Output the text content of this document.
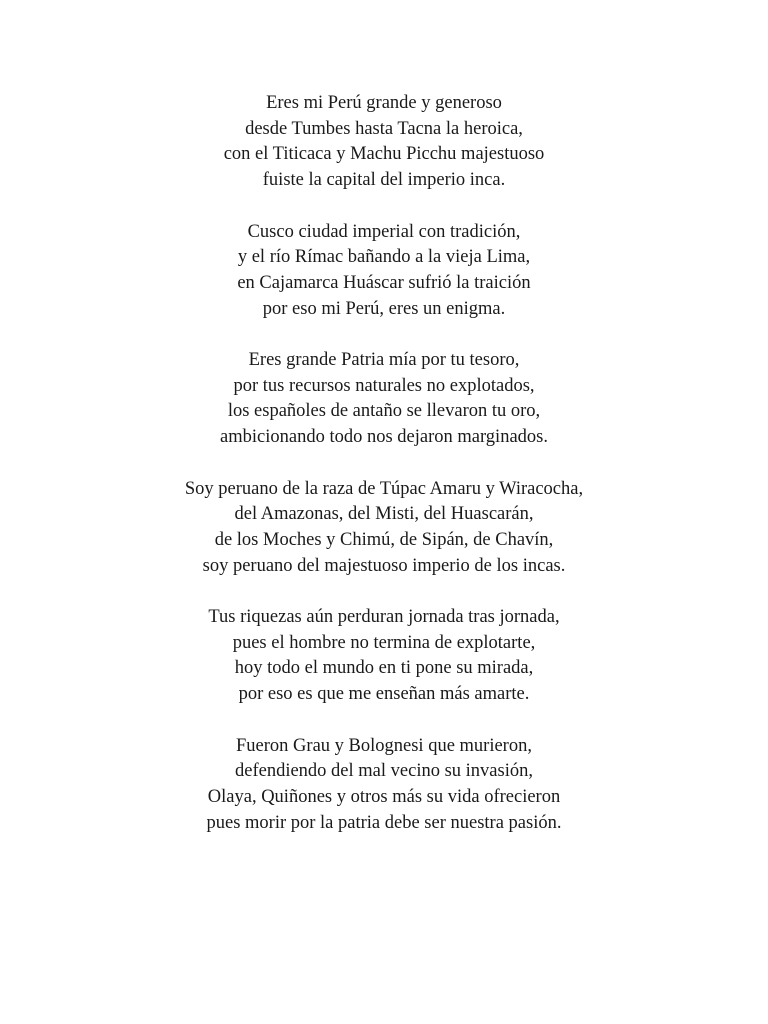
Eres mi Perú grande y generoso
desde Tumbes hasta Tacna la heroica,
con el Titicaca y Machu Picchu majestuoso
fuiste la capital del imperio inca.
Cusco ciudad imperial con tradición,
y el río Rímac bañando a la vieja Lima,
en Cajamarca Huáscar sufrió la traición
por eso mi Perú, eres un enigma.
Eres grande Patria mía por tu tesoro,
por tus recursos naturales no explotados,
los españoles de antaño se llevaron tu oro,
ambicionando todo nos dejaron marginados.
Soy peruano de la raza de Túpac Amaru y Wiracocha,
del Amazonas, del Misti, del Huascarán,
de los Moches y Chimú, de Sipán, de Chavín,
soy peruano del majestuoso imperio de los incas.
Tus riquezas aún perduran jornada tras jornada,
pues el hombre no termina de explotarte,
hoy todo el mundo en ti pone su mirada,
por eso es que me enseñan más amarte.
Fueron Grau y Bolognesi que murieron,
defendiendo del mal vecino su invasión,
Olaya, Quiñones y otros más su vida ofrecieron
pues morir por la patria debe ser nuestra pasión.
